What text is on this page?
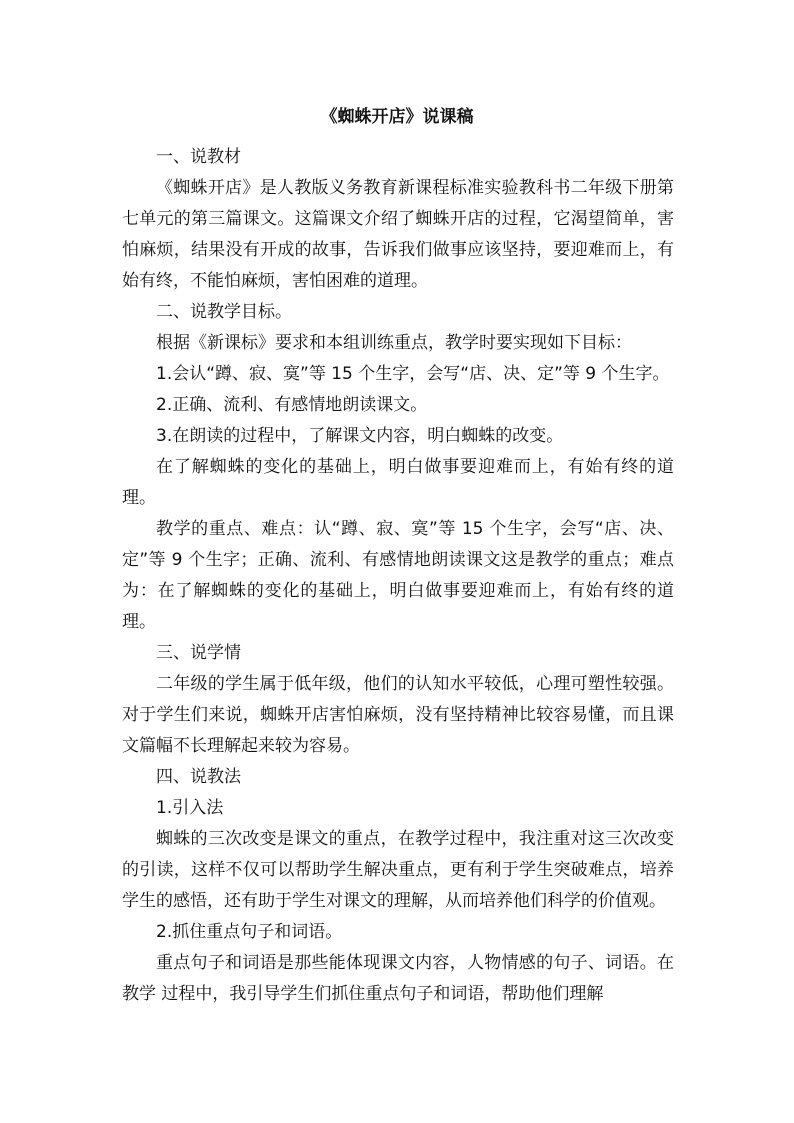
《蜘蛛开店》说课稿

一、说教材

《蜘蛛开店》是人教版义务教育新课程标准实验教科书二年级下册第七单元的第三篇课文。这篇课文介绍了蜘蛛开店的过程，它渴望简单，害怕麻烦，结果没有开成的故事，告诉我们做事应该坚持，要迎难而上，有始有终，不能怕麻烦，害怕困难的道理。

二、说教学目标。

根据《新课标》要求和本组训练重点，教学时要实现如下目标：

1.会认“蹲、寂、寞”等 15 个生字，会写“店、决、定”等 9 个生字。

2.正确、流利、有感情地朗读课文。

3.在朗读的过程中，了解课文内容，明白蜘蛛的改变。

在了解蜘蛛的变化的基础上，明白做事要迎难而上，有始有终的道理。

教学的重点、难点：认“蹲、寂、寞”等 15 个生字，会写“店、决、定”等 9 个生字；正确、流利、有感情地朗读课文这是教学的重点；难点为：在了解蜘蛛的变化的基础上，明白做事要迎难而上，有始有终的道理。

三、说学情

二年级的学生属于低年级，他们的认知水平较低，心理可塑性较强。对于学生们来说，蜘蛛开店害怕麻烦，没有坚持精神比较容易懂，而且课文篇幅不长理解起来较为容易。

四、说教法

1.引入法

蜘蛛的三次改变是课文的重点，在教学过程中，我注重对这三次改变的引读，这样不仅可以帮助学生解决重点，更有利于学生突破难点，培养学生的感悟，还有助于学生对课文的理解，从而培养他们科学的价值观。

2.抓住重点句子和词语。

重点句子和词语是那些能体现课文内容，人物情感的句子、词语。在教学 过程中，我引导学生们抓住重点句子和词语，帮助他们理解
